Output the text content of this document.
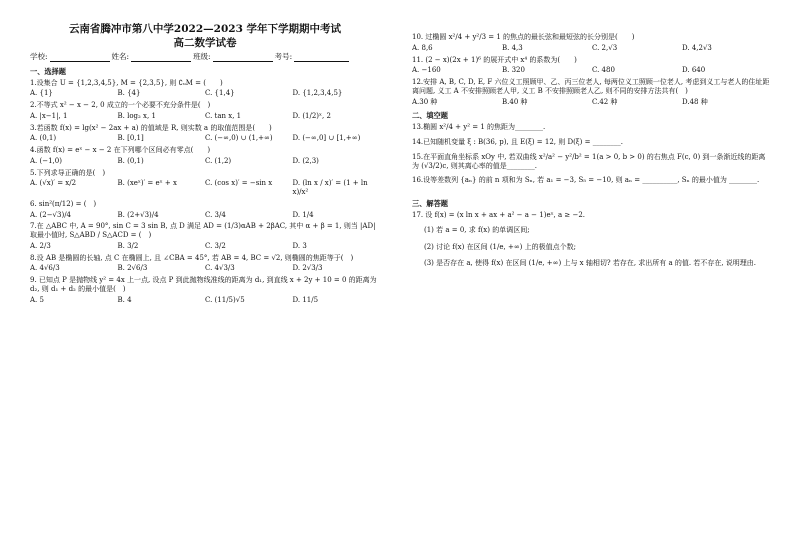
云南省腾冲市第八中学2022—2023 学年下学期期中考试
高二数学试卷
学校:	姓名:	班级:	考号:
一、选择题

1.设集合 U = {1,2,3,4,5}, M = {2,3,5}, 则 ∁ᵤM = (　　)

A. {1}	B. {4}	C. {1,4}	D. {1,2,3,4,5}

2.不等式 x² − x − 2, 0 成立的一个必要不充分条件是(　)

A. |x−1|, 1	B. log₂ x, 1	C. tan x, 1	D. (1/2)ˣ, 2

3.若函数 f(x) = lg(x² − 2ax + a) 的值域是 R, 则实数 a 的取值范围是(　　)

A. (0,1)	B. [0,1]	C. (−∞,0) ∪ (1,+∞)	D. (−∞,0] ∪ [1,+∞)

4.函数 f(x) = eˣ − x − 2 在下列哪个区间必有零点(　　)

A. (−1,0)	B. (0,1)	C. (1,2)	D. (2,3)

5.下列求导正确的是(　)

A. (√x)′ = x/2	B. (xeˣ)′ = eˣ + x	C. (cos x)′ = −sin x	D. (ln x / x)′ = (1 + ln x)/x²

6. sin²(π/12) = (　)

A. (2−√3)/4	B. (2+√3)/4	C. 3/4	D. 1/4

7.在 △ABC 中, A = 90°, sin C = 3 sin B, 点 D 满足 AD = (1/3)αAB + 2βAC, 其中 α + β = 1, 则当 |AD| 取最小值时, S△ABD / S△ACD = (　)

A. 2/3	B. 3/2	C. 3/2	D. 3

8.设 AB 是椭圆的长轴, 点 C 在椭圆上, 且 ∠CBA = 45°, 若 AB = 4, BC = √2, 则椭圆的焦距等于(　)

A. 4√6/3	B. 2√6/3	C. 4√3/3	D. 2√3/3

9. 已知点 P 是抛物线 y² = 4x 上一点, 设点 P 到此抛物线准线的距离为 d₁, 到直线 x + 2y + 10 = 0 的距离为 d₂, 则 d₁ + d₂ 的最小值是(　)

A. 5	B. 4	C. (11/5)√5	D. 11/5

10. 过椭圆 x²/4 + y²/3 = 1 的焦点的最长弦和最短弦的长分别是(　　)

A. 8,6	B. 4,3	C. 2,√3	D. 4,2√3

11. (2 − x)(2x + 1)⁶ 的展开式中 x⁴ 的系数为(　　)

A. −160	B. 320	C. 480	D. 640

12.安排 A, B, C, D, E, F 六位义工照顾甲、乙、丙三位老人, 每两位义工照顾一位老人, 考虑到义工与老人的住址距离问题, 义工 A 不安排照顾老人甲, 义工 B 不安排照顾老人乙, 则不同的安排方法共有(　)

A.30 种	B.40 种	C.42 种	D.48 种
二、填空题

13.椭圆 x²/4 + y² = 1 的焦距为________.

14.已知随机变量 ξ : B(36, p), 且 E(ξ) = 12, 则 D(ξ) = ________.

15.在平面直角坐标系 xOy 中, 若双曲线 x²/a² − y²/b² = 1(a > 0, b > 0) 的右焦点 F(c, 0) 到一条渐近线的距离为 (√3/2)c, 则其离心率的值是________.

16.设等差数列 {aₙ} 的前 n 项和为 Sₙ, 若 a₁ = −3, S₅ = −10, 则 aₙ = __________, Sₙ 的最小值为 ________.

三、解答题

17. 设 f(x) = (x ln x + ax + a² − a − 1)eˣ, a ≥ −2.

(1) 若 a = 0, 求 f(x) 的单调区间;

(2) 讨论 f(x) 在区间 (1/e, +∞) 上的极值点个数;

(3) 是否存在 a, 使得 f(x) 在区间 (1/e, +∞) 上与 x 轴相切? 若存在, 求出所有 a 的值. 若不存在, 说明理由.
